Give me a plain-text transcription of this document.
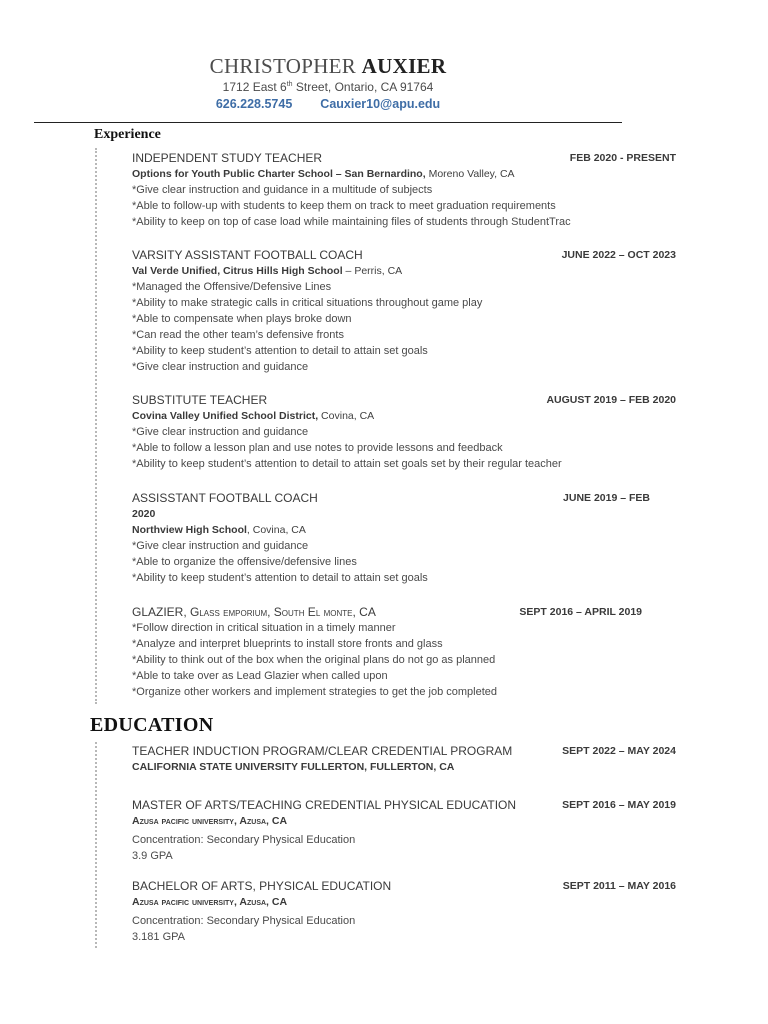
CHRISTOPHER AUXIER
1712 East 6th Street, Ontario, CA 91764
626.228.5745 Cauxier10@apu.edu
Experience
INDEPENDENT STUDY TEACHER	FEB 2020 - PRESENT
Options for Youth Public Charter School – San Bernardino, Moreno Valley, CA
*Give clear instruction and guidance in a multitude of subjects
*Able to follow-up with students to keep them on track to meet graduation requirements
*Ability to keep on top of case load while maintaining files of students through StudentTrac
VARSITY ASSISTANT FOOTBALL COACH	JUNE 2022 – OCT 2023
Val Verde Unified, Citrus Hills High School – Perris, CA
*Managed the Offensive/Defensive Lines
*Ability to make strategic calls in critical situations throughout game play
*Able to compensate when plays broke down
*Can read the other team’s defensive fronts
*Ability to keep student’s attention to detail to attain set goals
*Give clear instruction and guidance
SUBSTITUTE TEACHER	AUGUST 2019 – FEB 2020
Covina Valley Unified School District, Covina, CA
*Give clear instruction and guidance
*Able to follow a lesson plan and use notes to provide lessons and feedback
*Ability to keep student’s attention to detail to attain set goals set by their regular teacher
ASSISSTANT FOOTBALL COACH	JUNE 2019 – FEB
2020
Northview High School, Covina, CA
*Give clear instruction and guidance
*Able to organize the offensive/defensive lines
*Ability to keep student’s attention to detail to attain set goals
GLAZIER, Glass emporium, South El monte, CA	SEPT 2016 – APRIL 2019
*Follow direction in critical situation in a timely manner
*Analyze and interpret blueprints to install store fronts and glass
*Ability to think out of the box when the original plans do not go as planned
*Able to take over as Lead Glazier when called upon
*Organize other workers and implement strategies to get the job completed
EDUCATION
TEACHER INDUCTION PROGRAM/CLEAR CREDENTIAL PROGRAM	SEPT 2022 – MAY 2024
CALIFORNIA STATE UNIVERSITY FULLERTON, FULLERTON, CA
MASTER OF ARTS/TEACHING CREDENTIAL PHYSICAL EDUCATION	SEPT 2016 – MAY 2019
Azusa pacific university, Azusa, CA
Concentration: Secondary Physical Education
3.9 GPA
BACHELOR OF ARTS, PHYSICAL EDUCATION	SEPT 2011 – MAY 2016
Azusa pacific university, Azusa, CA
Concentration: Secondary Physical Education
3.181 GPA
